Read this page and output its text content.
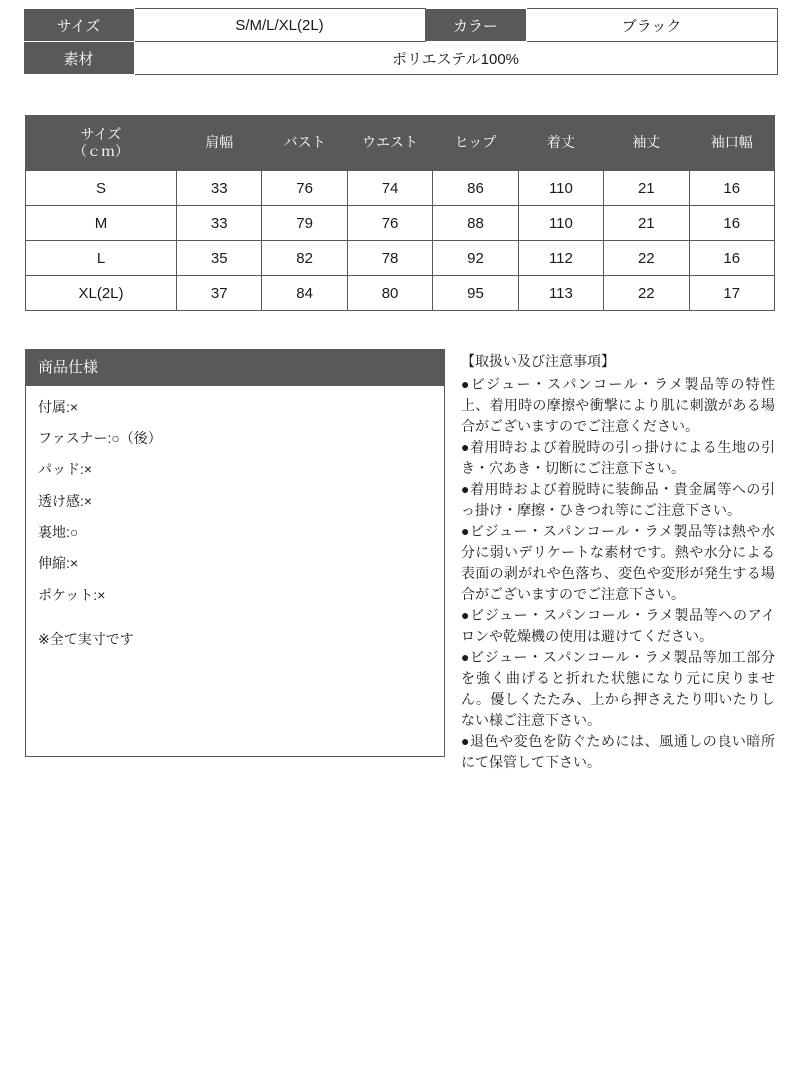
サイズ	S/M/L/XL(2L)	カラー	ブラック
素材	ポリエステル100%		
サイズ
（ｃｍ）	肩幅	バスト	ウエスト	ヒップ	着丈	袖丈	袖口幅
S	33	76	74	86	110	21	16
M	33	79	76	88	110	21	16
L	35	82	78	92	112	22	16
XL(2L)	37	84	80	95	113	22	17
商品仕様

付属:×

ファスナー:○（後）

パッド:×

透け感:×

裏地:○

伸縮:×

ポケット:×

※全て実寸です

【取扱い及び注意事項】

●ビジュー・スパンコール・ラメ製品等の特性上、着用時の摩擦や衝撃により肌に刺激がある場合がございますのでご注意ください。

●着用時および着脱時の引っ掛けによる生地の引き・穴あき・切断にご注意下さい。

●着用時および着脱時に装飾品・貴金属等への引っ掛け・摩擦・ひきつれ等にご注意下さい。

●ビジュー・スパンコール・ラメ製品等は熱や水分に弱いデリケートな素材です。熱や水分による表面の剥がれや色落ち、変色や変形が発生する場合がございますのでご注意下さい。

●ビジュー・スパンコール・ラメ製品等へのアイロンや乾燥機の使用は避けてください。

●ビジュー・スパンコール・ラメ製品等加工部分を強く曲げると折れた状態になり元に戻りません。優しくたたみ、上から押さえたり叩いたりしない様ご注意下さい。

●退色や変色を防ぐためには、風通しの良い暗所にて保管して下さい。
